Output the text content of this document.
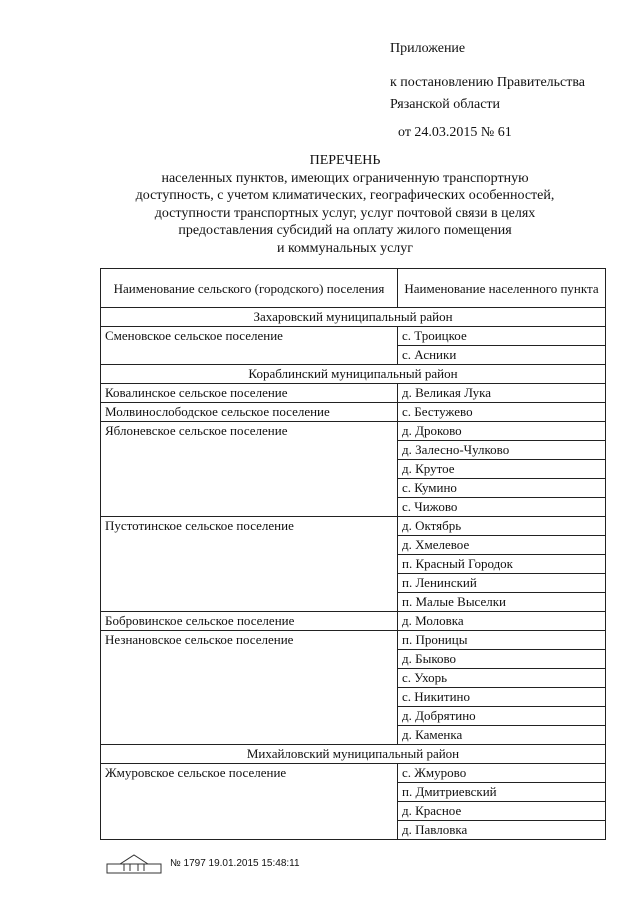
Приложение
к постановлению Правительства
Рязанской области
от 24.03.2015 № 61
ПЕРЕЧЕНЬ
населенных пунктов, имеющих ограниченную транспортную
доступность, с учетом климатических, географических особенностей,
доступности транспортных услуг, услуг почтовой связи в целях
предоставления субсидий на оплату жилого помещения
и коммунальных услуг
Наименование сельского (городского) поселения	Наименование населенного пункта
Захаровский муниципальный район	
Сменовское сельское поселение	с. Троицкое
	с. Асники
Кораблинский муниципальный район	
Ковалинское сельское поселение	д. Великая Лука
Молвинослободское сельское поселение	с. Бестужево
Яблоневское сельское поселение	д. Дроково
	д. Залесно-Чулково
	д. Крутое
	с. Кумино
	с. Чижово
Пустотинское сельское поселение	д. Октябрь
	д. Хмелевое
	п. Красный Городок
	п. Ленинский
	п. Малые Выселки
Бобровинское сельское поселение	д. Моловка
Незнановское сельское поселение	п. Проницы
	д. Быково
	с. Ухорь
	с. Никитино
	д. Добрятино
	д. Каменка
Михайловский муниципальный район	
Жмуровское сельское поселение	с. Жмурово
	п. Дмитриевский
	д. Красное
	д. Павловка
№ 1797 19.01.2015 15:48:11
